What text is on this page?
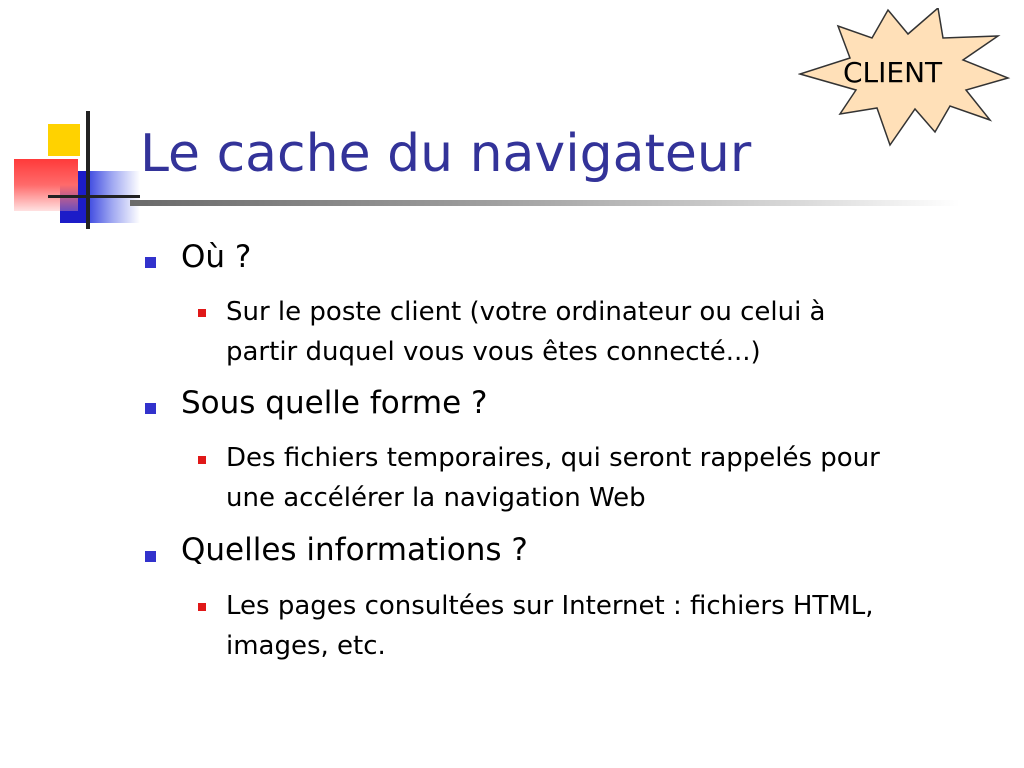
Le cache du navigateur
CLIENT
Où ?
Sur le poste client (votre ordinateur ou celui à
partir duquel vous vous êtes connecté...)
Sous quelle forme ?
Des fichiers temporaires, qui seront rappelés pour
une accélérer la navigation Web
Quelles informations ?
Les pages consultées sur Internet : fichiers HTML,
images, etc.
